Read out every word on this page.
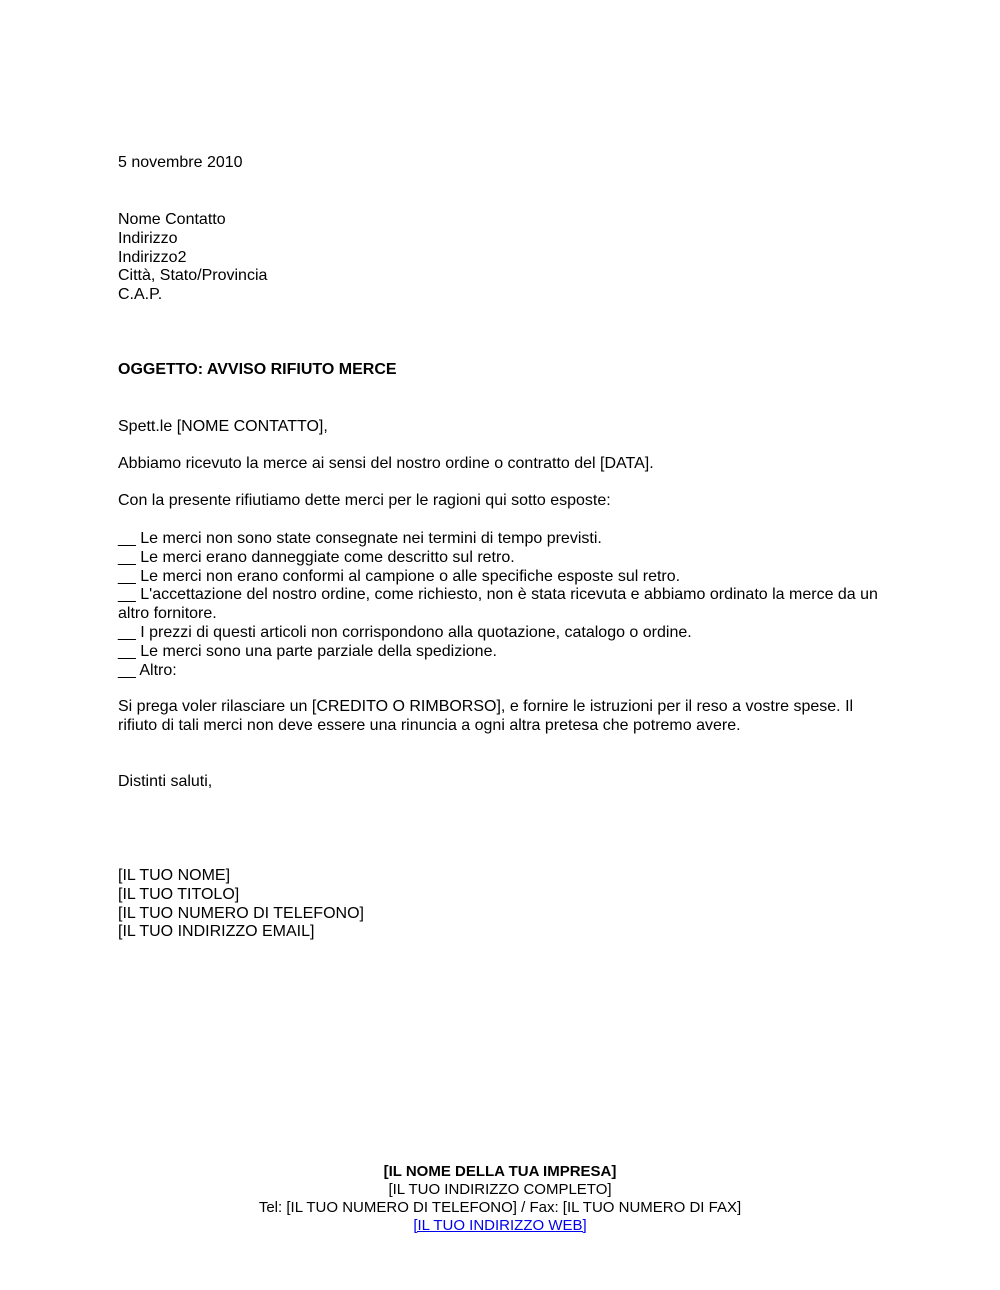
5 novembre 2010
Nome Contatto
Indirizzo
Indirizzo2
Città, Stato/Provincia
C.A.P.
OGGETTO: AVVISO RIFIUTO MERCE
Spett.le [NOME CONTATTO],
Abbiamo ricevuto la merce ai sensi del nostro ordine o contratto del [DATA].
Con la presente rifiutiamo dette merci per le ragioni qui sotto esposte:
__ Le merci non sono state consegnate nei termini di tempo previsti.
__ Le merci erano danneggiate come descritto sul retro.
__ Le merci non erano conformi al campione o alle specifiche esposte sul retro.
__ L'accettazione del nostro ordine, come richiesto, non è stata ricevuta e abbiamo ordinato la merce da un altro fornitore.
__ I prezzi di questi articoli non corrispondono alla quotazione, catalogo o ordine.
__ Le merci sono una parte parziale della spedizione.
__ Altro:
Si prega voler rilasciare un [CREDITO O RIMBORSO], e fornire le istruzioni per il reso a vostre spese. Il rifiuto di tali merci non deve essere una rinuncia a ogni altra pretesa che potremo avere.
Distinti saluti,
[IL TUO NOME]
[IL TUO TITOLO]
[IL TUO NUMERO DI TELEFONO]
[IL TUO INDIRIZZO EMAIL]
[IL NOME DELLA TUA IMPRESA]
[IL TUO INDIRIZZO COMPLETO]
Tel: [IL TUO NUMERO DI TELEFONO] / Fax: [IL TUO NUMERO DI FAX]
[IL TUO INDIRIZZO WEB]
